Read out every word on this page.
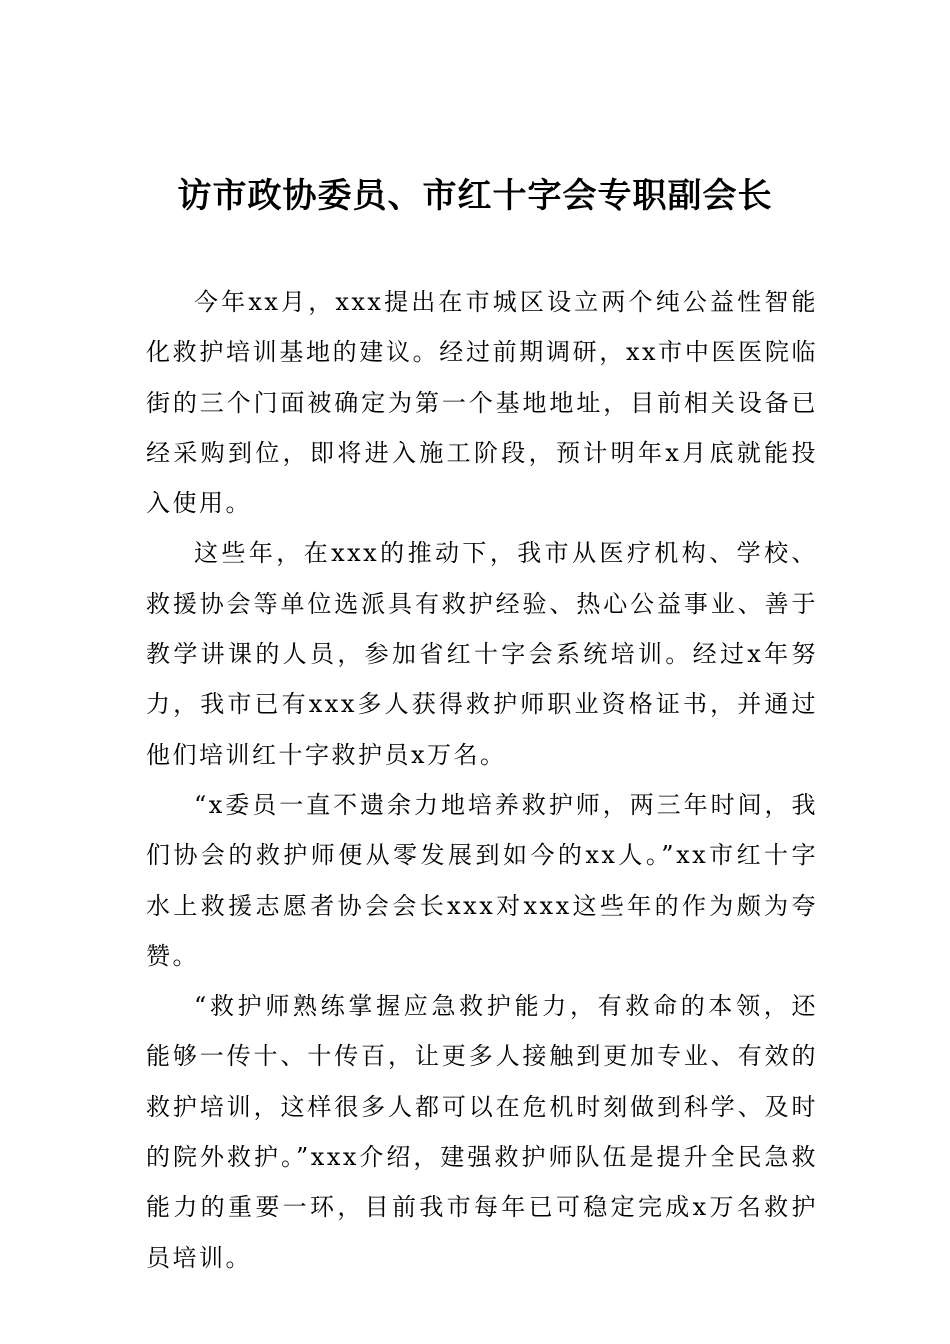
访市政协委员、市红十字会专职副会长

今年xx月，xxx提出在市城区设立两个纯公益性智能化救护培训基地的建议。经过前期调研，xx市中医医院临街的三个门面被确定为第一个基地地址，目前相关设备已经采购到位，即将进入施工阶段，预计明年x月底就能投入使用。

这些年，在xxx的推动下，我市从医疗机构、学校、救援协会等单位选派具有救护经验、热心公益事业、善于教学讲课的人员，参加省红十字会系统培训。经过x年努力，我市已有xxx多人获得救护师职业资格证书，并通过他们培训红十字救护员x万名。

“x委员一直不遗余力地培养救护师，两三年时间，我们协会的救护师便从零发展到如今的xx人。”xx市红十字水上救援志愿者协会会长xxx对xxx这些年的作为颇为夸赞。

“救护师熟练掌握应急救护能力，有救命的本领，还能够一传十、十传百，让更多人接触到更加专业、有效的救护培训，这样很多人都可以在危机时刻做到科学、及时的院外救护。”xxx介绍，建强救护师队伍是提升全民急救能力的重要一环，目前我市每年已可稳定完成x万名救护员培训。
